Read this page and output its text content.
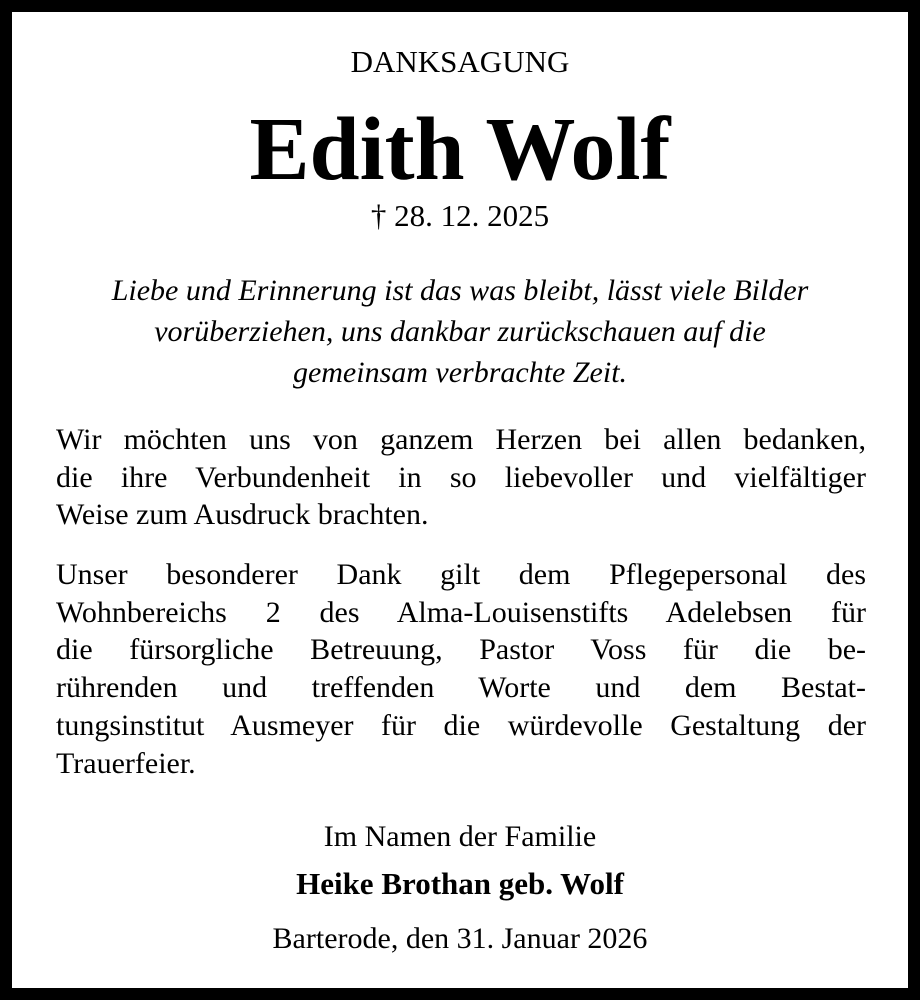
DANKSAGUNG
Edith Wolf
† 28. 12. 2025
Liebe und Erinnerung ist das was bleibt, lässt viele Bilder
vorüberziehen, uns dankbar zurückschauen auf die
gemeinsam verbrachte Zeit.
Wir möchten uns von ganzem Herzen bei allen bedanken,
die ihre Verbundenheit in so liebevoller und vielfältiger
Weise zum Ausdruck brachten.
Unser besonderer Dank gilt dem Pflegepersonal des
Wohnbereichs 2 des Alma-Louisenstifts Adelebsen für
die fürsorgliche Betreuung, Pastor Voss für die be-
rührenden und treffenden Worte und dem Bestat-
tungsinstitut Ausmeyer für die würdevolle Gestaltung der
Trauerfeier.
Im Namen der Familie
Heike Brothan geb. Wolf
Barterode, den 31. Januar 2026
